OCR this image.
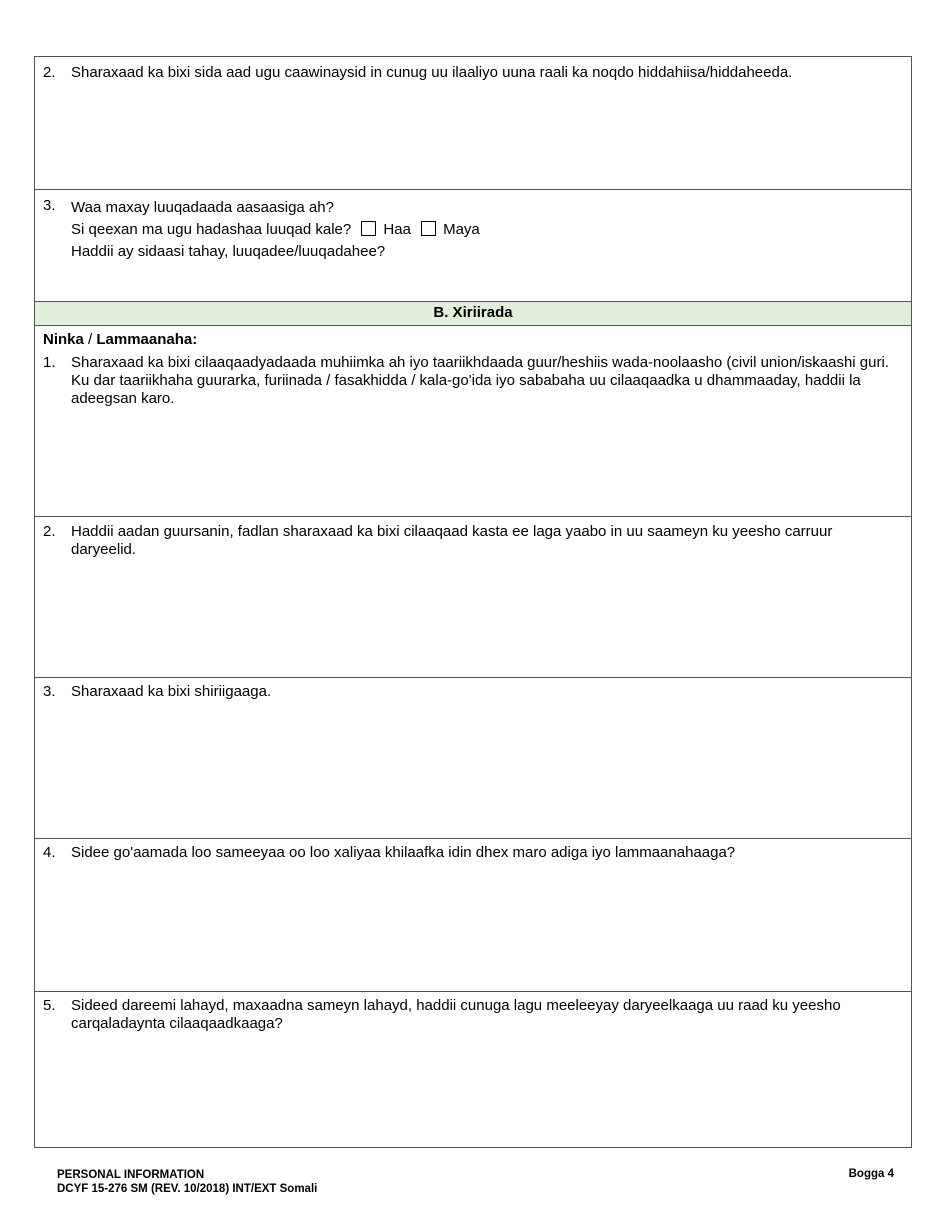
2. Sharaxaad ka bixi sida aad ugu caawinaysid in cunug uu ilaaliyo uuna raali ka noqdo hiddahiisa/hiddaheeda.
3. Waa maxay luuqadaada aasaasiga ah?
Si qeexan ma ugu hadashaa luuqad kale? Haa Maya
Haddii ay sidaasi tahay, luuqadee/luuqadahee?
B. Xiriirada
Ninka / Lammaanaha:
1. Sharaxaad ka bixi cilaaqaadyadaada muhiimka ah iyo taariikhdaada guur/heshiis wada-noolaasho (civil union/iskaashi guri. Ku dar taariikhaha guurarka, furiinada / fasakhidda / kala-go'ida iyo sababaha uu cilaaqaadka u dhammaaday, haddii la adeegsan karo.
2. Haddii aadan guursanin, fadlan sharaxaad ka bixi cilaaqaad kasta ee laga yaabo in uu saameyn ku yeesho carruur daryeelid.
3. Sharaxaad ka bixi shiriigaaga.
4. Sidee go'aamada loo sameeyaa oo loo xaliyaa khilaafka idin dhex maro adiga iyo lammaanahaaga?
5. Sideed dareemi lahayd, maxaadna sameyn lahayd, haddii cunuga lagu meeleeyay daryeelkaaga uu raad ku yeesho carqaladaynta cilaaqaadkaaga?
PERSONAL INFORMATION
DCYF 15-276 SM (REV. 10/2018) INT/EXT Somali
Bogga 4
